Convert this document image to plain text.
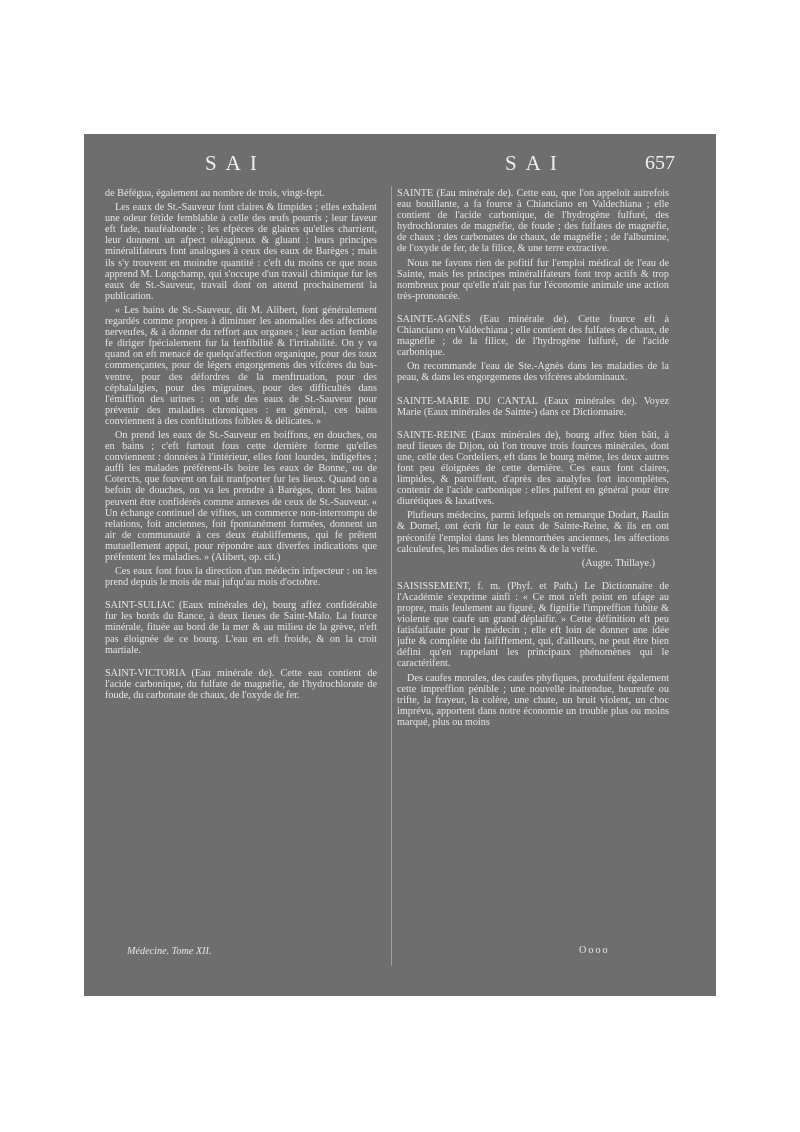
SAI	SAI	657

de Béfégua, également au nombre de trois, vingt-fept.

Les eaux de St.-Sauveur font claires & limpides ; elles exhalent une odeur fétide femblable à celle des œufs pourris ; leur faveur eft fade, nauféabonde ; les efpèces de glaires qu'elles charrient, leur donnent un afpect oléagineux & gluant : leurs principes minéralifateurs font analogues à ceux des eaux de Barèges ; mais ils s'y trouvent en moindre quantité : c'eft du moins ce que nous apprend M. Longchamp, qui s'occupe d'un travail chimique fur les eaux de St.-Sauveur, travail dont on attend prochainement la publication.

« Les bains de St.-Sauveur, dit M. Alibert, font généralement regardés comme propres à diminuer les anomalies des affections nerveufes, & à donner du reffort aux organes ; leur action femble fe diriger fpécialement fur la fenfibilité & l'irritabilité. On y va quand on eft menacé de quelqu'affection organique, pour des toux commençantes, pour de légers engorgemens des vifcères du bas-ventre, pour des défordres de la menftruation, pour des céphalalgies, pour des migraines, pour des difficultés dans l'émiffion des urines : on ufe des eaux de St.-Sauveur pour prévenir des maladies chroniques : en général, ces bains conviennent à des conftitutions foibles & délicates. »

On prend les eaux de St.-Sauveur en boiffons, en douches, ou en bains ; c'eft furtout fous cette dernière forme qu'elles conviennent : données à l'intérieur, elles font lourdes, indigeftes ; auffi les malades préfèrent-ils boire les eaux de Bonne, ou de Cotercts, que fouvent on fait tranfporter fur les lieux. Quand on a befoin de douches, on va les prendre à Barèges, dont les bains peuvent être confidérés comme annexes de ceux de St.-Sauveur. « Un échange continuel de vifites, un commerce non-interrompu de relations, foit anciennes, foit fpontanément formées, donnent un air de communauté à ces deux établiffemens, qui fe prêtent mutuellement appui, pour répondre aux diverfes indications que préfentent les maladies. » (Alibert, op. cit.)

Ces eaux font fous la direction d'un médecin infpecteur : on les prend depuis le mois de mai jufqu'au mois d'octobre.

SAINT-SULIAC (Eaux minérales de), bourg affez confidérable fur les bords du Rance, à deux lieues de Saint-Malo. La fource minérale, fituée au bord de la mer & au milieu de la grève, n'eft pas éloignée de ce bourg. L'eau en eft froide, & on la croit martiale.

SAINT-VICTORIA (Eau minérale de). Cette eau contient de l'acide carbonique, du fulfate de magnéfie, de l'hydrochlorate de foude, du carbonate de chaux, de l'oxyde de fer.

SAINTE (Eau minérale de). Cette eau, que l'on appeloit autrefois eau bouillante, a fa fource à Chianciano en Valdechiana ; elle contient de l'acide carbonique, de l'hydrogène fulfuré, des hydrochlorates de magnéfie, de foude ; des fulfates de magnéfie, de chaux ; des carbonates de chaux, de magnéfie ; de l'albumine, de l'oxyde de fer, de la filice, & une terre extractive.

Nous ne favons rien de pofitif fur l'emploi médical de l'eau de Sainte, mais fes principes minéralifateurs font trop actifs & trop nombreux pour qu'elle n'ait pas fur l'économie animale une action très-prononcée.

SAINTE-AGNÈS (Eau minérale de). Cette fource eft à Chianciano en Valdechiana ; elle contient des fulfates de chaux, de magnéfie ; de la filice, de l'hydrogène fulfuré, de l'acide carbonique.

On recommande l'eau de Ste.-Agnès dans les maladies de la peau, & dans les engorgemens des vifcères abdominaux.

SAINTE-MARIE DU CANTAL (Eaux minérales de). Voyez Marie (Eaux minérales de Sainte-) dans ce Dictionnaire.

SAINTE-REINE (Eaux minérales de), bourg affez bien bâti, à neuf lieues de Dijon, où l'on trouve trois fources minérales, dont une, celle des Cordeliers, eft dans le bourg même, les deux autres font peu éloignées de cette dernière. Ces eaux font claires, limpides, & paroiffent, d'après des analyfes fort incomplètes, contenir de l'acide carbonique : elles paffent en général pour être diurétiques & laxatives.

Plufieurs médecins, parmi lefquels on remarque Dodart, Raulin & Domel, ont écrit fur le eaux de Sainte-Reine, & ils en ont préconifé l'emploi dans les blennorrhées anciennes, les affections calculeufes, les maladies des reins & de la veffie.

(Augte. Thillaye.)

SAISISSEMENT, f. m. (Phyf. et Path.) Le Dictionnaire de l'Académie s'exprime ainfi : « Ce mot n'eft point en ufage au propre, mais feulement au figuré, & fignifie l'impreffion fubite & violente que caufe un grand déplaifir. » Cette définition eft peu fatisfaifaute pour le médecin ; elle eft loin de donner une idée jufte & complète du faififfement, qui, d'ailleurs, ne peut être bien défini qu'en rappelant les principaux phénomènes qui le caractérifent.

Des caufes morales, des caufes phyfiques, produifent également cette impreffion pénible ; une nouvelle inattendue, heureufe ou trifte, la frayeur, la colère, une chute, un bruit violent, un choc imprévu, apportent dans notre économie un trouble plus ou moins marqué, plus ou moins

Médecine. Tome XII.	Oooo
